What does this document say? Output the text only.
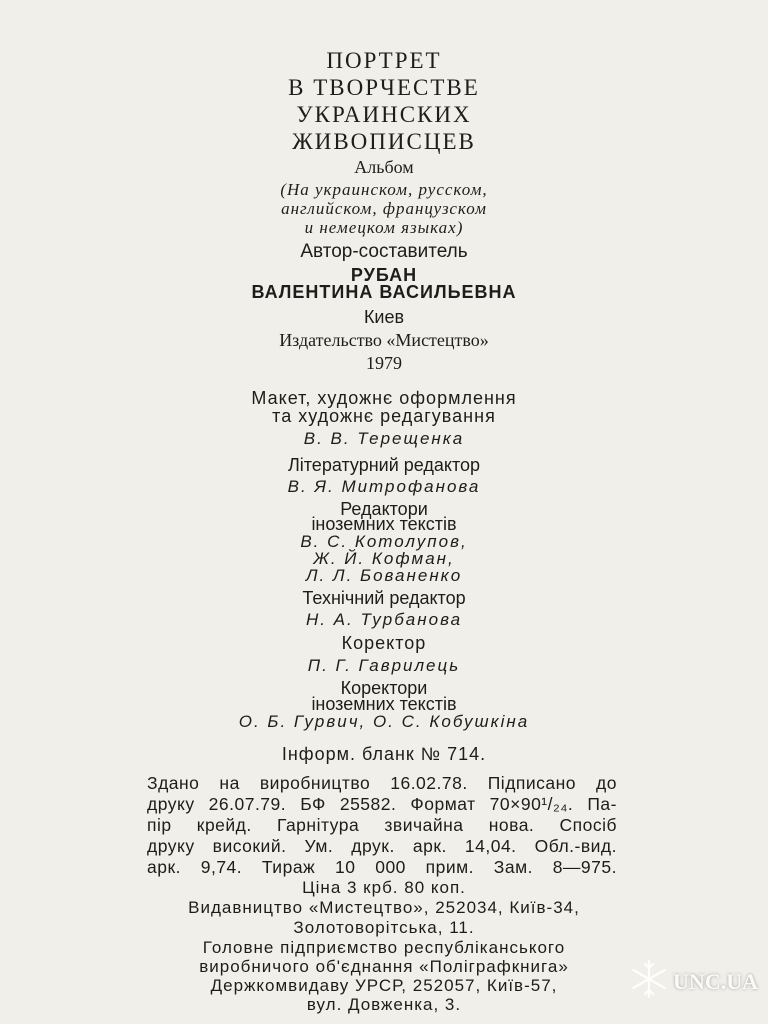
ПОРТРЕТ
В ТВОРЧЕСТВЕ
УКРАИНСКИХ
ЖИВОПИСЦЕВ
Альбом
(На украинском, русском,
английском, французском
и немецком языках)
Автор-составитель
РУБАН
ВАЛЕНТИНА ВАСИЛЬЕВНА
Киев
Издательство «Мистецтво»
1979
Макет, художнє оформлення
та художнє редагування
В. В. Терещенка
Літературний редактор
В. Я. Митрофанова
Редактори
іноземних текстів
В. С. Котолупов,
Ж. Й. Кофман,
Л. Л. Бованенко
Технічний редактор
Н. А. Турбанова
Коректор
П. Г. Гаврилець
Коректори
іноземних текстів
О. Б. Гурвич, О. С. Кобушкіна
Інформ. бланк № 714.
Здано на виробництво 16.02.78. Підписано до
друку 26.07.79. БФ 25582. Формат 70×90¹/₂₄. Па-
пір крейд. Гарнітура звичайна нова. Спосіб
друку високий. Ум. друк. арк. 14,04. Обл.-вид.
арк. 9,74. Тираж 10 000 прим. Зам. 8—975.
Ціна 3 крб. 80 коп.
Видавництво «Мистецтво», 252034, Київ-34,
Золотоворітська, 11.
Головне підприємство республіканського
виробничого об'єднання «Поліграфкнига»
Держкомвидаву УРСР, 252057, Київ-57,
вул. Довженка, 3.
UNC.UA
